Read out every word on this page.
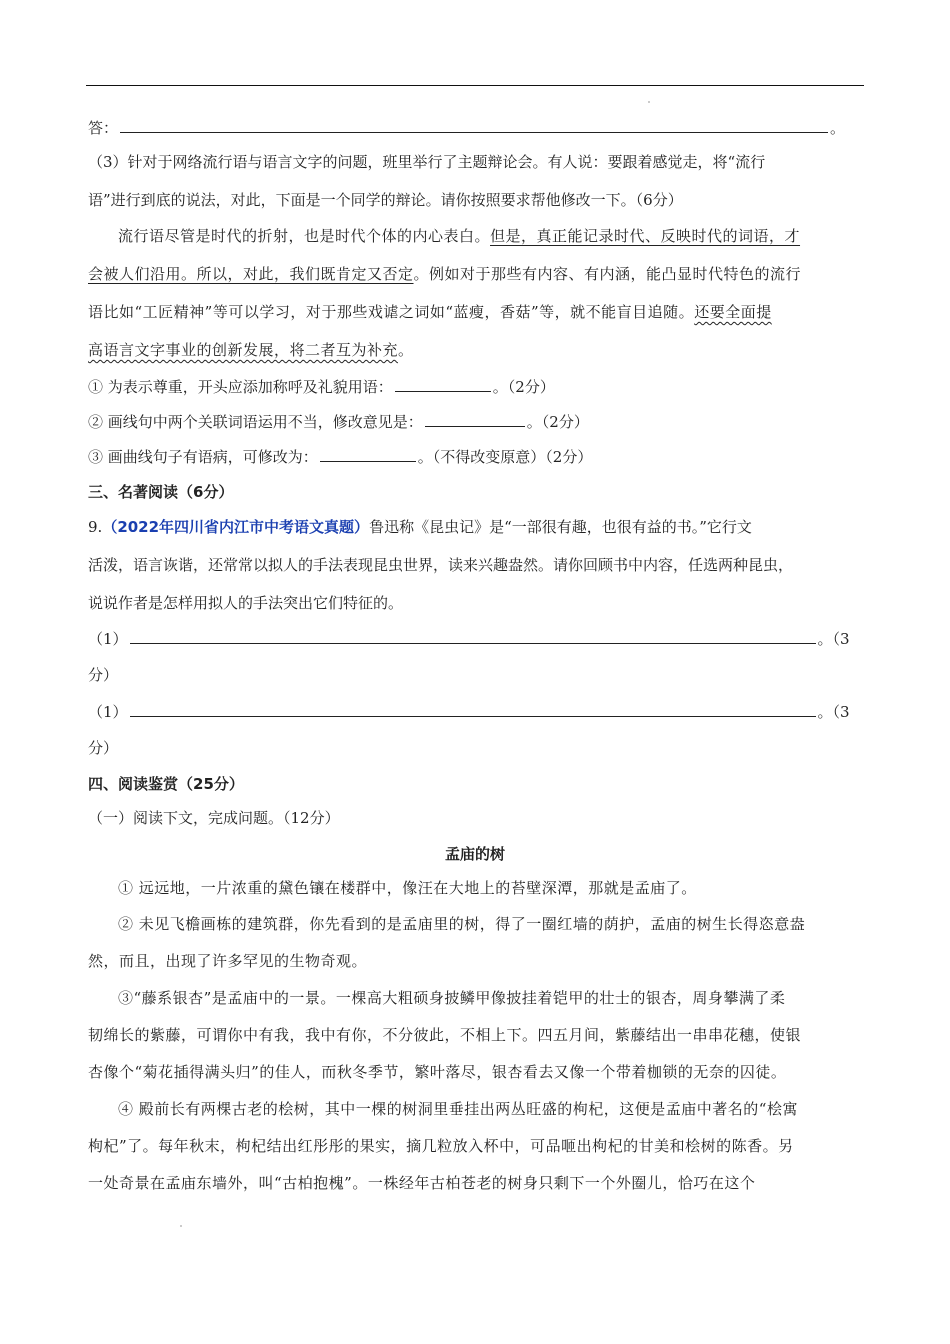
答：	。
（3）针对于网络流行语与语言文字的问题，班里举行了主题辩论会。有人说：要跟着感觉走，将“流行
语”进行到底的说法，对此，下面是一个同学的辩论。请你按照要求帮他修改一下。（6分）
流行语尽管是时代的折射，也是时代个体的内心表白。但是，真正能记录时代、反映时代的词语，才
会被人们沿用。所以，对此，我们既肯定又否定。例如对于那些有内容、有内涵，能凸显时代特色的流行
语比如“工匠精神”等可以学习，对于那些戏谑之词如“蓝瘦，香菇”等，就不能盲目追随。还要全面提
高语言文字事业的创新发展，将二者互为补充。
① 为表示尊重，开头应添加称呼及礼貌用语：	。（2分）
② 画线句中两个关联词语运用不当，修改意见是：	。（2分）
③ 画曲线句子有语病，可修改为：	。（不得改变原意）（2分）
三、名著阅读（6分）
9.（2022年四川省内江市中考语文真题）鲁迅称《昆虫记》是“一部很有趣，也很有益的书。”它行文
活泼，语言诙谐，还常常以拟人的手法表现昆虫世界，读来兴趣盎然。请你回顾书中内容，任选两种昆虫，
说说作者是怎样用拟人的手法突出它们特征的。
（1）	。（3
分）
（1）	。（3
分）
四、阅读鉴赏（25分）
（一）阅读下文，完成问题。（12分）
孟庙的树
① 远远地，一片浓重的黛色镶在楼群中，像汪在大地上的苔壁深潭，那就是孟庙了。
② 未见飞檐画栋的建筑群，你先看到的是孟庙里的树，得了一圈红墙的荫护，孟庙的树生长得恣意盎
然，而且，出现了许多罕见的生物奇观。
③“藤系银杏”是孟庙中的一景。一棵高大粗硕身披鳞甲像披挂着铠甲的壮士的银杏，周身攀满了柔
韧绵长的紫藤，可谓你中有我，我中有你，不分彼此，不相上下。四五月间，紫藤结出一串串花穗，使银
杏像个“菊花插得满头归”的佳人，而秋冬季节，繁叶落尽，银杏看去又像一个带着枷锁的无奈的囚徒。
④ 殿前长有两棵古老的桧树，其中一棵的树洞里垂挂出两丛旺盛的枸杞，这便是孟庙中著名的“桧寓
枸杞”了。每年秋末，枸杞结出红彤彤的果实，摘几粒放入杯中，可品咂出枸杞的甘美和桧树的陈香。另
一处奇景在孟庙东墙外，叫“古柏抱槐”。一株经年古柏苍老的树身只剩下一个外圈儿，恰巧在这个
